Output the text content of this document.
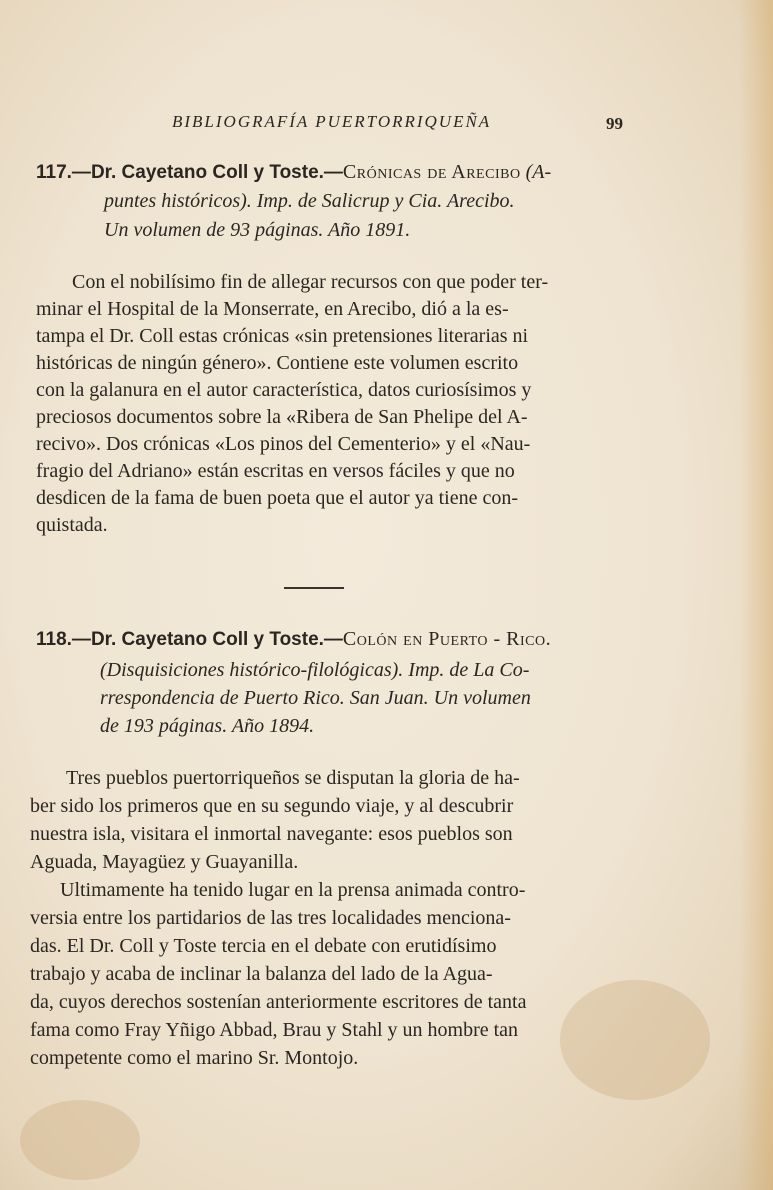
BIBLIOGRAFÍA PUERTORRIQUEÑA	99
117.—Dr. Cayetano Coll y Toste.—Crónicas de Arecibo (A-
puntes históricos). Imp. de Salicrup y Cia. Arecibo.
Un volumen de 93 páginas. Año 1891.
Con el nobilísimo fin de allegar recursos con que poder ter-
minar el Hospital de la Monserrate, en Arecibo, dió a la es-
tampa el Dr. Coll estas crónicas «sin pretensiones literarias ni
históricas de ningún género». Contiene este volumen escrito
con la galanura en el autor característica, datos curiosísimos y
preciosos documentos sobre la «Ribera de San Phelipe del A-
recivo». Dos crónicas «Los pinos del Cementerio» y el «Nau-
fragio del Adriano» están escritas en versos fáciles y que no
desdicen de la fama de buen poeta que el autor ya tiene con-
quistada.
118.—Dr. Cayetano Coll y Toste.—Colón en Puerto - Rico.
(Disquisiciones histórico-filológicas). Imp. de La Co-
rrespondencia de Puerto Rico. San Juan. Un volumen
de 193 páginas. Año 1894.
Tres pueblos puertorriqueños se disputan la gloria de ha-
ber sido los primeros que en su segundo viaje, y al descubrir
nuestra isla, visitara el inmortal navegante: esos pueblos son
Aguada, Mayagüez y Guayanilla.
Ultimamente ha tenido lugar en la prensa animada contro-
versia entre los partidarios de las tres localidades menciona-
das. El Dr. Coll y Toste tercia en el debate con erutidísimo
trabajo y acaba de inclinar la balanza del lado de la Agua-
da, cuyos derechos sostenían anteriormente escritores de tanta
fama como Fray Yñigo Abbad, Brau y Stahl y un hombre tan
competente como el marino Sr. Montojo.
